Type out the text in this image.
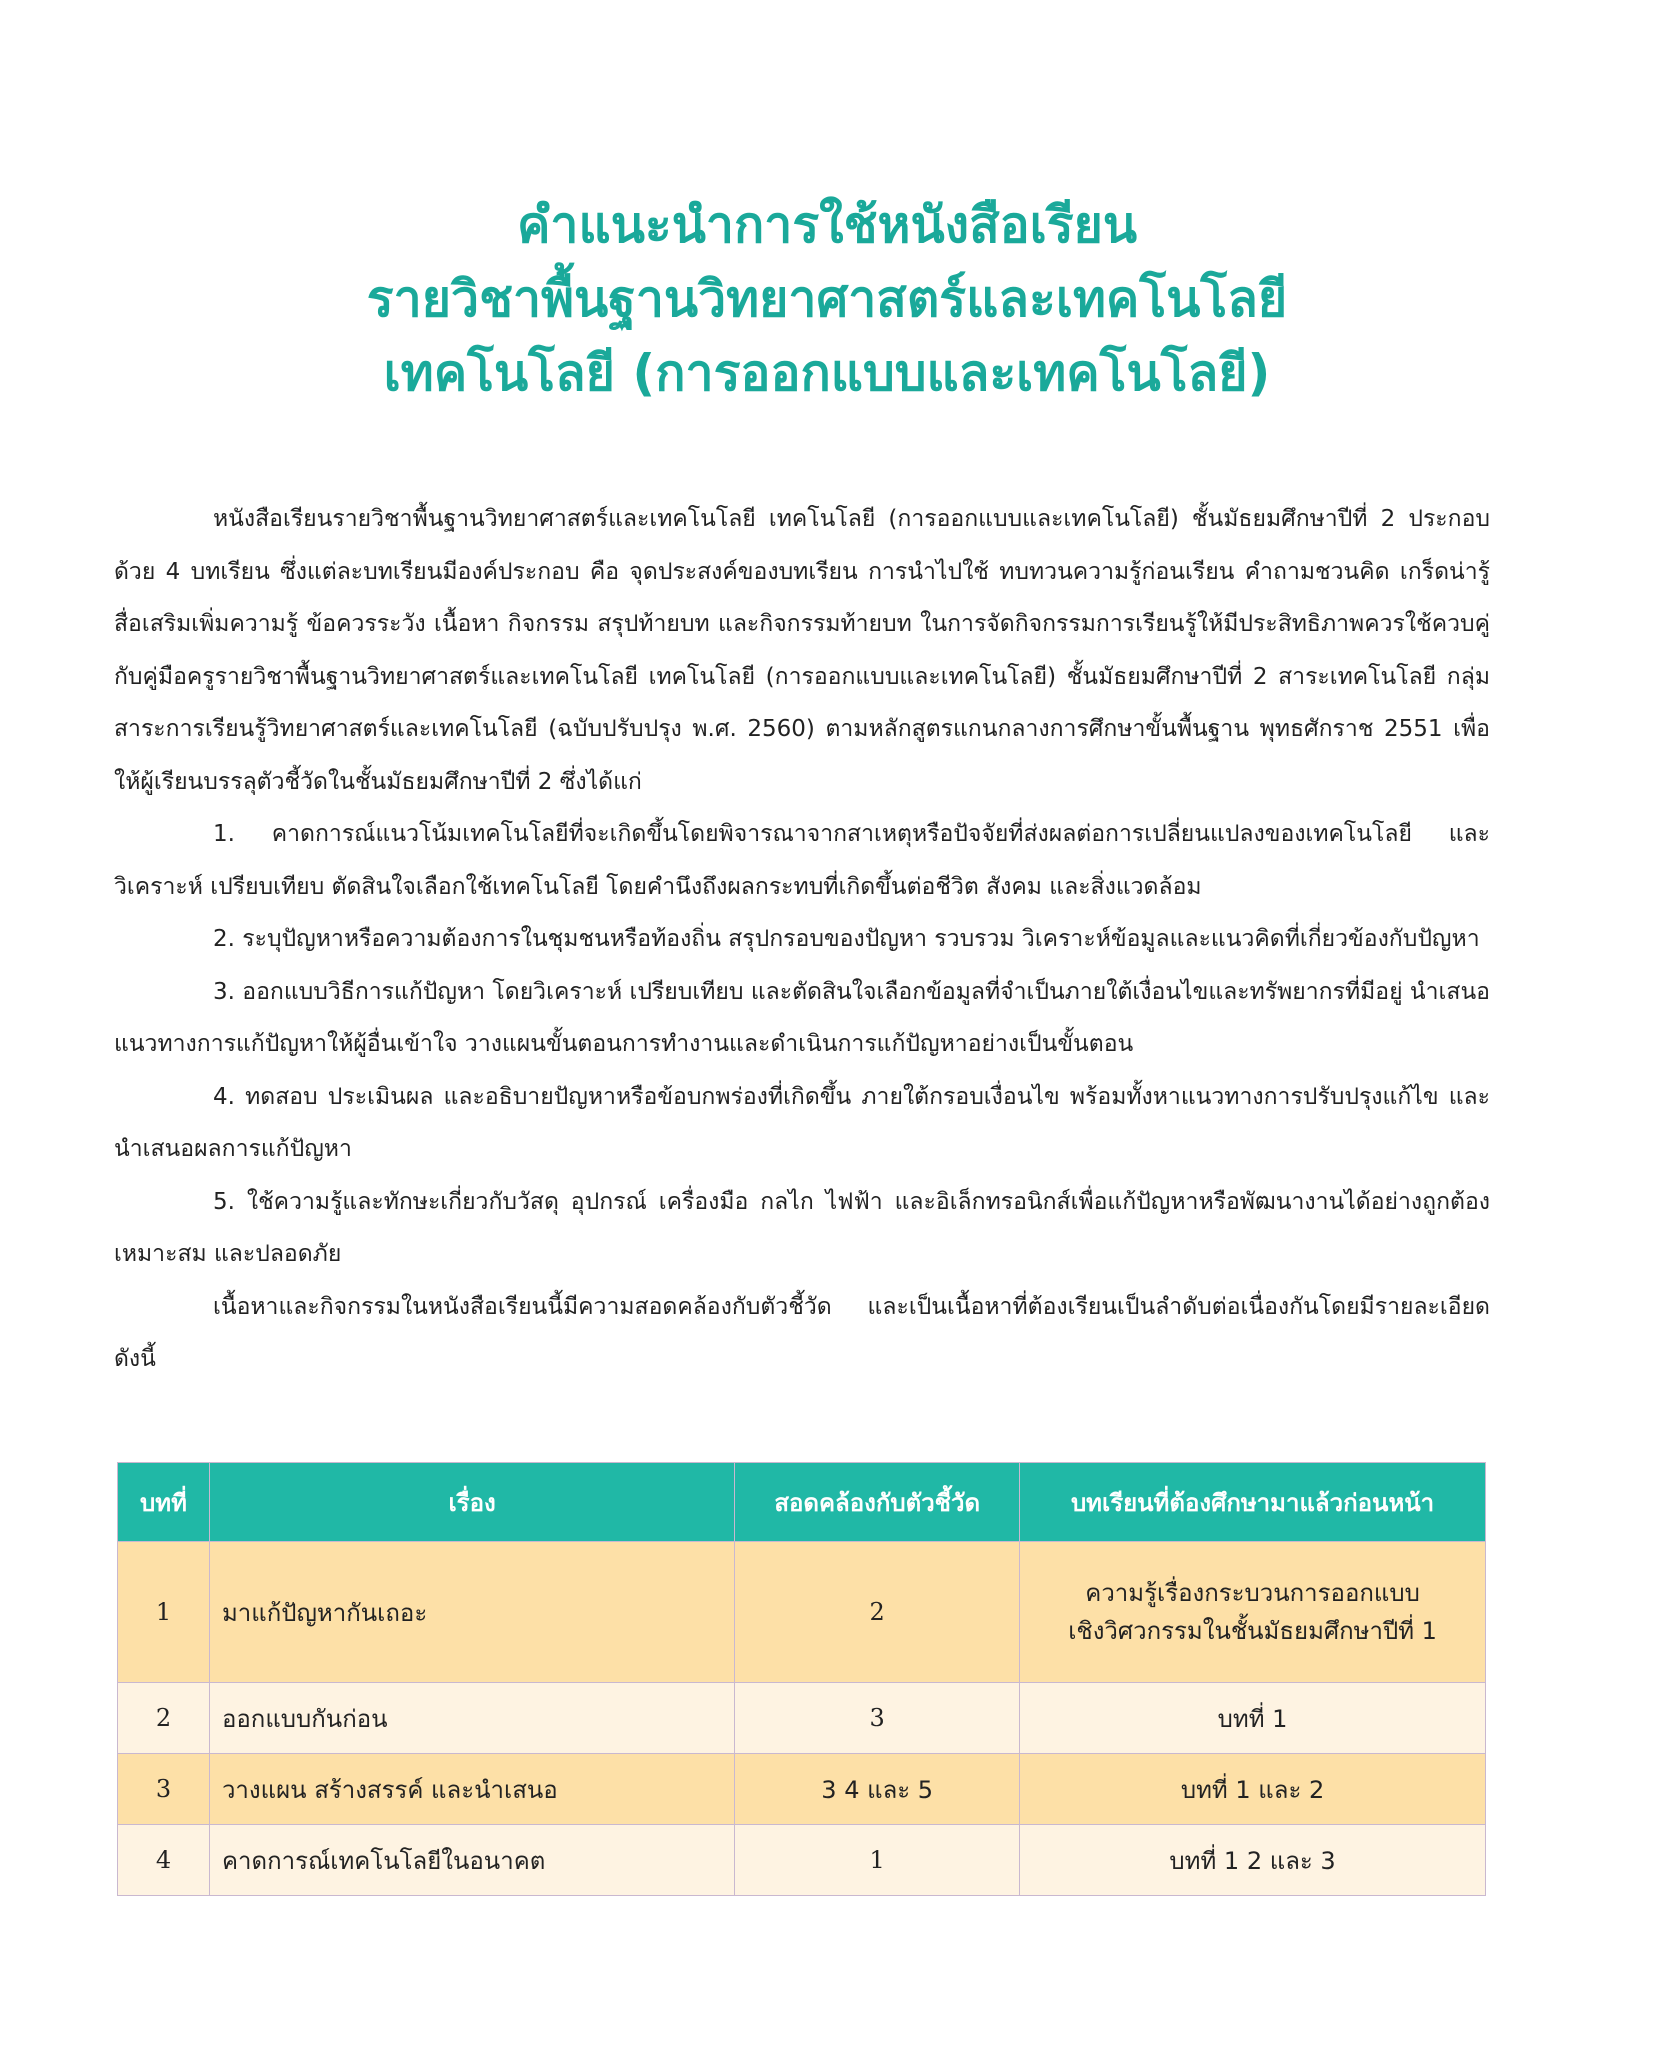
คำแนะนำการใช้หนังสือเรียน
รายวิชาพื้นฐานวิทยาศาสตร์และเทคโนโลยี
เทคโนโลยี (การออกแบบและเทคโนโลยี)

หนังสือเรียนรายวิชาพื้นฐานวิทยาศาสตร์และเทคโนโลยี เทคโนโลยี (การออกแบบและเทคโนโลยี) ชั้นมัธยมศึกษาปีที่ 2 ประกอบด้วย 4 บทเรียน ซึ่งแต่ละบทเรียนมีองค์ประกอบ คือ จุดประสงค์ของบทเรียน การนำไปใช้ ทบทวนความรู้ก่อนเรียน คำถามชวนคิด เกร็ดน่ารู้ สื่อเสริมเพิ่มความรู้ ข้อควรระวัง เนื้อหา กิจกรรม สรุปท้ายบท และกิจกรรมท้ายบท ในการจัดกิจกรรมการเรียนรู้ให้มีประสิทธิภาพควรใช้ควบคู่กับคู่มือครูรายวิชาพื้นฐานวิทยาศาสตร์และเทคโนโลยี เทคโนโลยี (การออกแบบและเทคโนโลยี) ชั้นมัธยมศึกษาปีที่ 2 สาระเทคโนโลยี กลุ่มสาระการเรียนรู้วิทยาศาสตร์และเทคโนโลยี (ฉบับปรับปรุง พ.ศ. 2560) ตามหลักสูตรแกนกลางการศึกษาขั้นพื้นฐาน พุทธศักราช 2551 เพื่อให้ผู้เรียนบรรลุตัวชี้วัดในชั้นมัธยมศึกษาปีที่ 2 ซึ่งได้แก่

1. คาดการณ์แนวโน้มเทคโนโลยีที่จะเกิดขึ้นโดยพิจารณาจากสาเหตุหรือปัจจัยที่ส่งผลต่อการเปลี่ยนแปลงของเทคโนโลยี และวิเคราะห์ เปรียบเทียบ ตัดสินใจเลือกใช้เทคโนโลยี โดยคำนึงถึงผลกระทบที่เกิดขึ้นต่อชีวิต สังคม และสิ่งแวดล้อม

2. ระบุปัญหาหรือความต้องการในชุมชนหรือท้องถิ่น สรุปกรอบของปัญหา รวบรวม วิเคราะห์ข้อมูลและแนวคิดที่เกี่ยวข้องกับปัญหา

3. ออกแบบวิธีการแก้ปัญหา โดยวิเคราะห์ เปรียบเทียบ และตัดสินใจเลือกข้อมูลที่จำเป็นภายใต้เงื่อนไขและทรัพยากรที่มีอยู่ นำเสนอแนวทางการแก้ปัญหาให้ผู้อื่นเข้าใจ วางแผนขั้นตอนการทำงานและดำเนินการแก้ปัญหาอย่างเป็นขั้นตอน

4. ทดสอบ ประเมินผล และอธิบายปัญหาหรือข้อบกพร่องที่เกิดขึ้น ภายใต้กรอบเงื่อนไข พร้อมทั้งหาแนวทางการปรับปรุงแก้ไข และนำเสนอผลการแก้ปัญหา

5. ใช้ความรู้และทักษะเกี่ยวกับวัสดุ อุปกรณ์ เครื่องมือ กลไก ไฟฟ้า และอิเล็กทรอนิกส์เพื่อแก้ปัญหาหรือพัฒนางานได้อย่างถูกต้อง เหมาะสม และปลอดภัย

เนื้อหาและกิจกรรมในหนังสือเรียนนี้มีความสอดคล้องกับตัวชี้วัด และเป็นเนื้อหาที่ต้องเรียนเป็นลำดับต่อเนื่องกันโดยมีรายละเอียดดังนี้

บทที่	เรื่อง	สอดคล้องกับตัวชี้วัด	บทเรียนที่ต้องศึกษามาแล้วก่อนหน้า
1	มาแก้ปัญหากันเถอะ	2	ความรู้เรื่องกระบวนการออกแบบ
เชิงวิศวกรรมในชั้นมัธยมศึกษาปีที่ 1

2	ออกแบบกันก่อน	3	บทที่ 1
3	วางแผน สร้างสรรค์ และนำเสนอ	3 4 และ 5	บทที่ 1 และ 2
4	คาดการณ์เทคโนโลยีในอนาคต	1	บทที่ 1 2 และ 3
